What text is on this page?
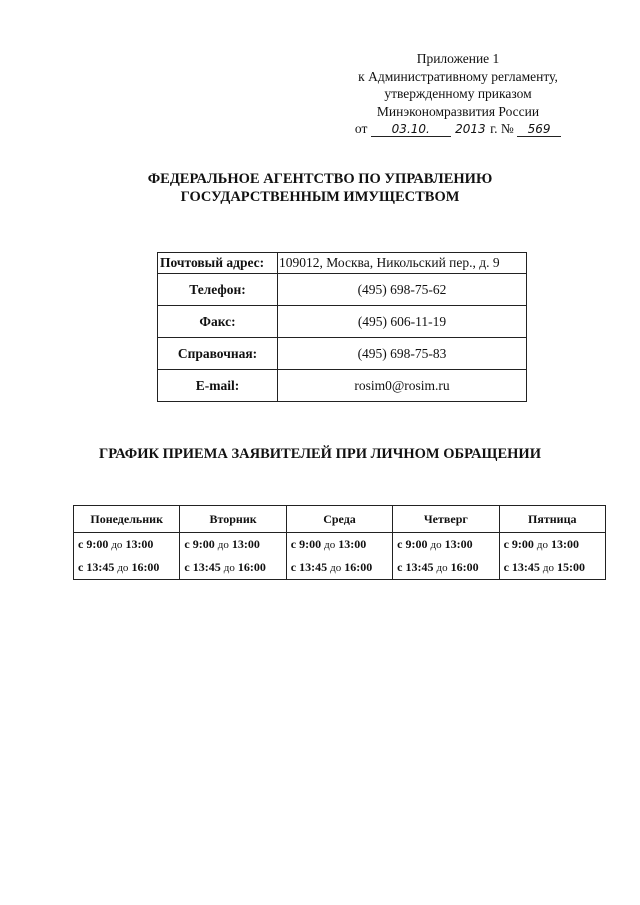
Приложение 1
к Административному регламенту,
утвержденному приказом
Минэкономразвития России
от 03.10. 2013 г. № 569
ФЕДЕРАЛЬНОЕ АГЕНТСТВО ПО УПРАВЛЕНИЮ
ГОСУДАРСТВЕННЫМ ИМУЩЕСТВОМ
Почтовый адрес:	109012, Москва, Никольский пер., д. 9
Телефон:	(495) 698-75-62
Факс:	(495) 606-11-19
Справочная:	(495) 698-75-83
E-mail:	rosim0@rosim.ru
ГРАФИК ПРИЕМА ЗАЯВИТЕЛЕЙ ПРИ ЛИЧНОМ ОБРАЩЕНИИ
Понедельник	Вторник	Среда	Четверг	Пятница
с 9:00 до 13:00	с 9:00 до 13:00	с 9:00 до 13:00	с 9:00 до 13:00	с 9:00 до 13:00
с 13:45 до 16:00	с 13:45 до 16:00	с 13:45 до 16:00	с 13:45 до 16:00	с 13:45 до 15:00
